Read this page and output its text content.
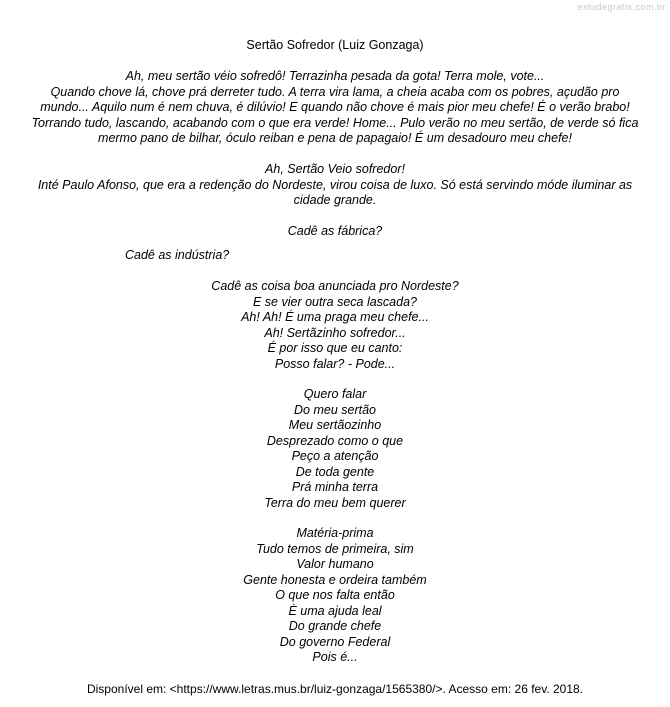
estudegratis.com.br
Sertão Sofredor (Luiz Gonzaga)

Ah, meu sertão véio sofredô! Terrazinha pesada da gota! Terra mole, vote...

Quando chove lá, chove prá derreter tudo. A terra vira lama, a cheia acaba com os pobres, açudão pro

mundo... Aquilo num é nem chuva, é dilúvio! E quando não chove é mais pior meu chefe! É o verão brabo!

Torrando tudo, lascando, acabando com o que era verde! Home... Pulo verão no meu sertão, de verde só fica

mermo pano de bilhar, óculo reiban e pena de papagaio! É um desadouro meu chefe!

Ah, Sertão Veio sofredor!

Inté Paulo Afonso, que era a redenção do Nordeste, virou coisa de luxo. Só está servindo móde iluminar as

cidade grande.

Cadê as fábrica?

Cadê as indústria?

Cadê as coisa boa anunciada pro Nordeste?

E se vier outra seca lascada?

Ah! Ah! É uma praga meu chefe...

Ah! Sertãzinho sofredor...

É por isso que eu canto:

Posso falar? - Pode...

Quero falar

Do meu sertão

Meu sertãozinho

Desprezado como o que

Peço a atenção

De toda gente

Prá minha terra

Terra do meu bem querer

Matéria-prima

Tudo temos de primeira, sim

Valor humano

Gente honesta e ordeira também

O que nos falta então

È uma ajuda leal

Do grande chefe

Do governo Federal

Pois é...

Disponível em: <https://www.letras.mus.br/luiz-gonzaga/1565380/>. Acesso em: 26 fev. 2018.
